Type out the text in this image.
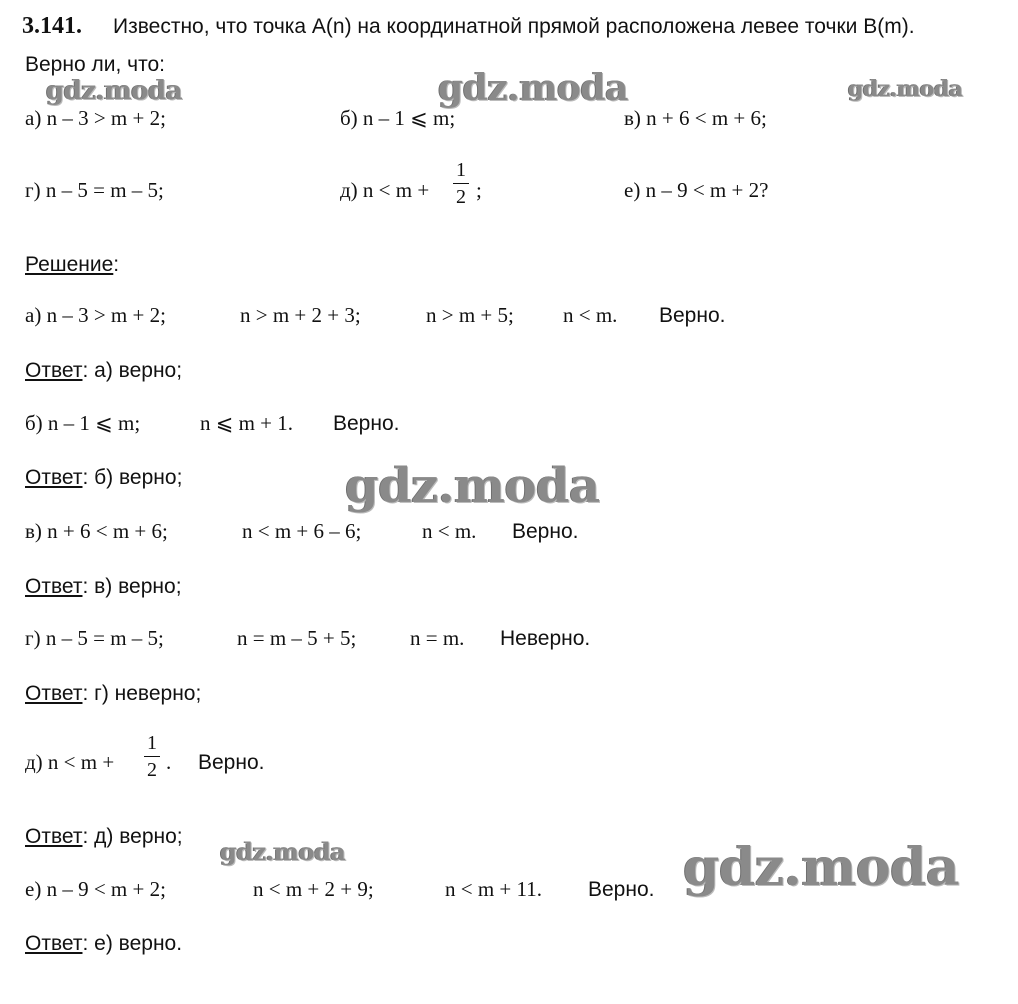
3.141. Известно, что точка A(n) на координатной прямой расположена левее точки B(m).
Верно ли, что:
а) n – 3 > m + 2;	б) n – 1 ⩽ m;	в) n + 6 < m + 6;
г) n – 5 = m – 5;	д) n < m +
1
2 ;	е) n – 9 < m + 2?
Решение:
а) n – 3 > m + 2;	n > m + 2 + 3;	n > m + 5; n < m. Верно.
Ответ: а) верно;
б) n – 1 ⩽ m;	n ⩽ m + 1. Верно.
Ответ: б) верно;
в) n + 6 < m + 6;	n < m + 6 – 6;	n < m. Верно.
Ответ: в) верно;
г) n – 5 = m – 5;	n = m – 5 + 5;	n = m. Неверно.
Ответ: г) неверно;
д) n < m +
1
2 . Верно.
Ответ: д) верно;
е) n – 9 < m + 2;	n < m + 2 + 9;	n < m + 11. Верно.
Ответ: е) верно.
gdz.moda	gdz.moda	gdz.moda
gdz.moda
gdz.moda	gdz.moda
